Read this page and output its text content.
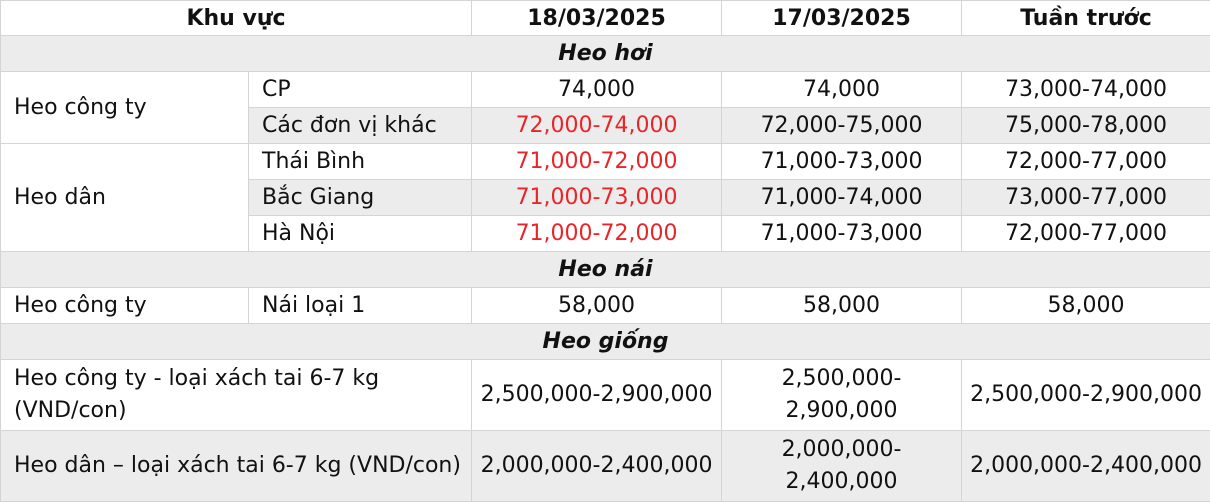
Khu vực		18/03/2025	17/03/2025	Tuần trước
Heo hơi				
Heo công ty	CP	74,000	74,000	73,000-74,000
	Các đơn vị khác	72,000-74,000	72,000-75,000	75,000-78,000
Heo dân	Thái Bình	71,000-72,000	71,000-73,000	72,000-77,000
	Bắc Giang	71,000-73,000	71,000-74,000	73,000-77,000
	Hà Nội	71,000-72,000	71,000-73,000	72,000-77,000
Heo nái				
Heo công ty	Nái loại 1	58,000	58,000	58,000
Heo giống				
Heo công ty - loại xách tai 6-7 kg (VND/con)		2,500,000-2,900,000	2,500,000-2,900,000	2,500,000-2,900,000
Heo dân – loại xách tai 6-7 kg (VND/con)		2,000,000-2,400,000	2,000,000-2,400,000	2,000,000-2,400,000
